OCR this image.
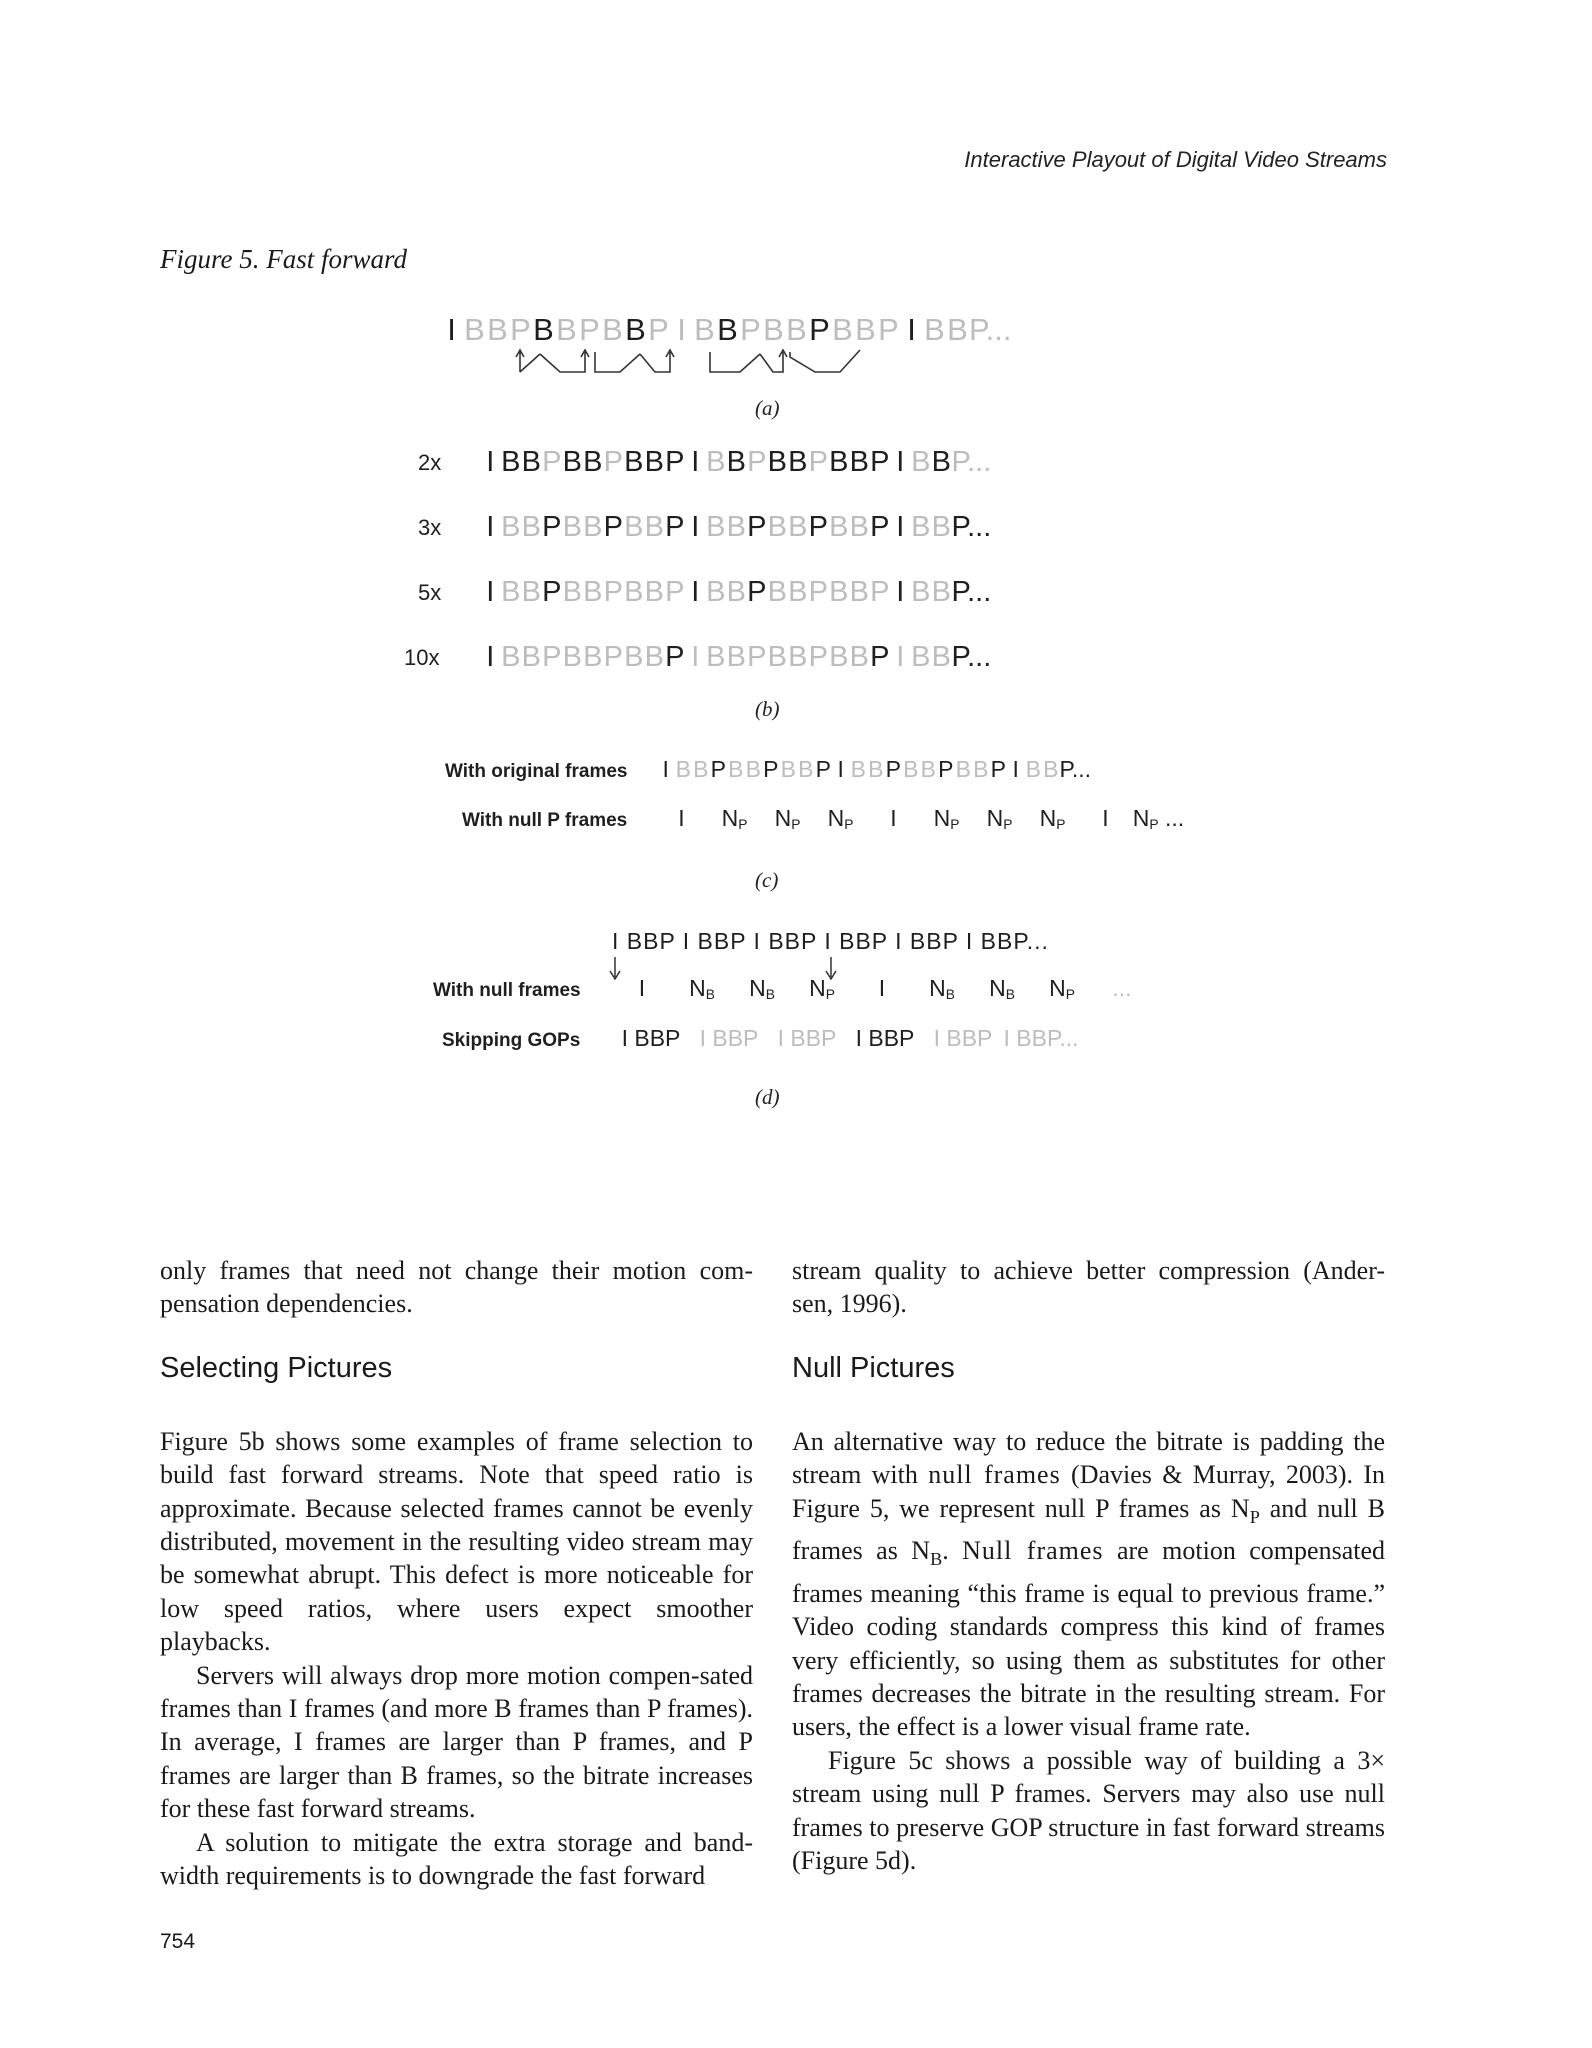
Interactive Playout of Digital Video Streams
Figure 5. Fast forward
I BBPBBPBBP I BBPBBPBBP I BBP...
(a)
2x
3x
5x
10x
I BBPBBPBBP I BBPBBPBBP I BBP...
I BBPBBPBBP I BBPBBPBBP I BBP...
I BBPBBPBBP I BBPBBPBBP I BBP...
I BBPBBPBBP I BBPBBPBBP I BBP...
(b)
With original frames
With null P frames
I BBPBBPBBP I BBPBBPBBP I BBP...
I NP NP NP I NP NP NP I NP ...
(c)
I BBP I BBP I BBP I BBP I BBP I BBP...
With null frames
Skipping GOPs
I NB NB NP I NB NB NP ...
I BBP I BBP I BBP I BBP I BBP I BBP...
(d)

only frames that need not change their motion com-pensation dependencies.

Selecting Pictures

Figure 5b shows some examples of frame selection to build fast forward streams. Note that speed ratio is approximate. Because selected frames cannot be evenly distributed, movement in the resulting video stream may be somewhat abrupt. This defect is more noticeable for low speed ratios, where users expect smoother playbacks.

Servers will always drop more motion compen-sated frames than I frames (and more B frames than P frames). In average, I frames are larger than P frames, and P frames are larger than B frames, so the bitrate increases for these fast forward streams.

A solution to mitigate the extra storage and band-width requirements is to downgrade the fast forward

stream quality to achieve better compression (Ander-sen, 1996).

Null Pictures

An alternative way to reduce the bitrate is padding the stream with null frames (Davies & Murray, 2003). In Figure 5, we represent null P frames as $N_P$ and null B frames as $N_B$. Null frames are motion compensated frames meaning “this frame is equal to previous frame.” Video coding standards compress this kind of frames very efficiently, so using them as substitutes for other frames decreases the bitrate in the resulting stream. For users, the effect is a lower visual frame rate.

Figure 5c shows a possible way of building a 3× stream using null P frames. Servers may also use null frames to preserve GOP structure in fast forward streams (Figure 5d).

754
